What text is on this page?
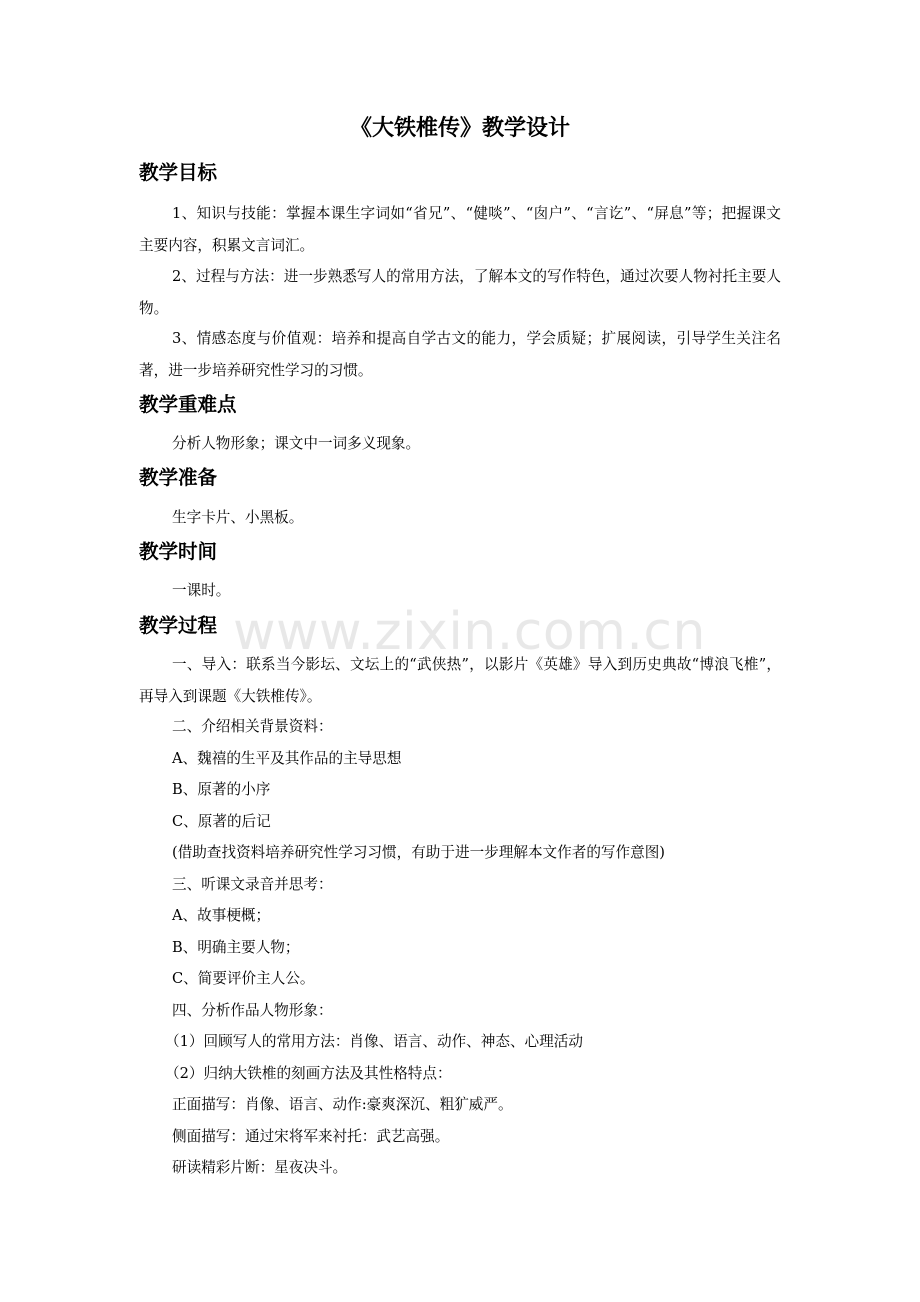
《大铁椎传》教学设计
教学目标

1、知识与技能：掌握本课生字词如“省兄”、“健啖”、“囱户”、“言讫”、“屏息”等；把握课文主要内容，积累文言词汇。

2、过程与方法：进一步熟悉写人的常用方法，了解本文的写作特色，通过次要人物衬托主要人物。

3、情感态度与价值观：培养和提高自学古文的能力，学会质疑；扩展阅读，引导学生关注名著，进一步培养研究性学习的习惯。

教学重难点

分析人物形象；课文中一词多义现象。

教学准备

生字卡片、小黑板。

教学时间

一课时。

教学过程

一、导入：联系当今影坛、文坛上的“武侠热”，以影片《英雄》导入到历史典故“博浪飞椎”，再导入到课题《大铁椎传》。

二、介绍相关背景资料：

A、魏禧的生平及其作品的主导思想

B、原著的小序

C、原著的后记

(借助查找资料培养研究性学习习惯，有助于进一步理解本文作者的写作意图)

三、听课文录音并思考：

A、故事梗概；

B、明确主要人物；

C、简要评价主人公。

四、分析作品人物形象：

（1）回顾写人的常用方法：肖像、语言、动作、神态、心理活动

（2）归纳大铁椎的刻画方法及其性格特点：

正面描写：肖像、语言、动作:豪爽深沉、粗犷威严。

侧面描写：通过宋将军来衬托：武艺高强。

研读精彩片断：星夜决斗。

www.zixin.com.cn
